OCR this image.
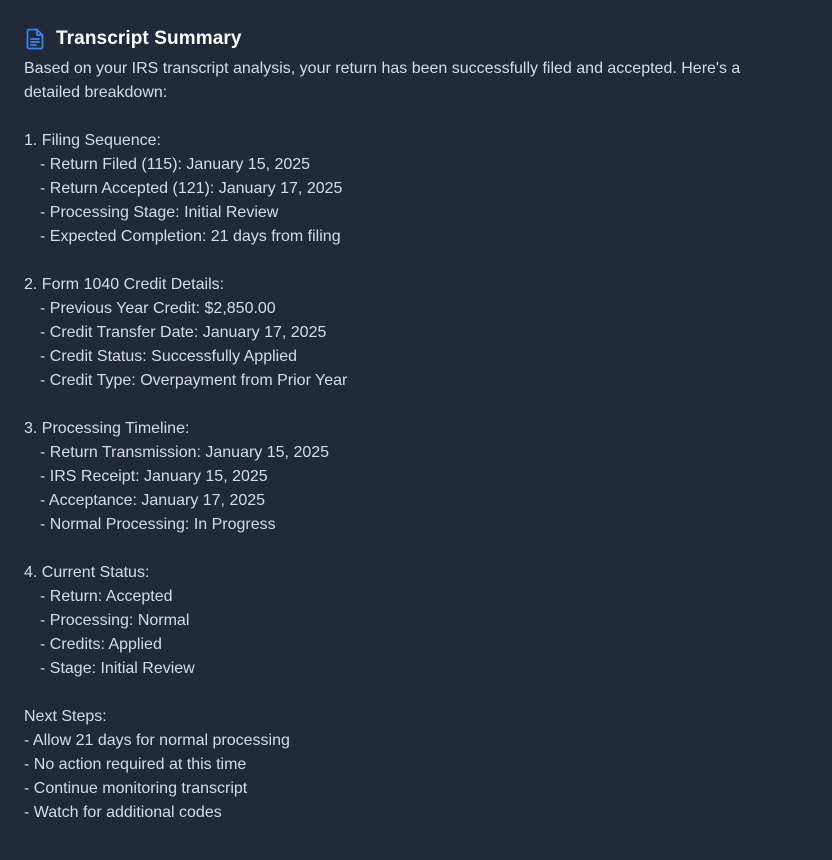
Transcript Summary

Based on your IRS transcript analysis, your return has been successfully filed and accepted. Here's a detailed breakdown:

1. Filing Sequence:
- Return Filed (115): January 15, 2025
- Return Accepted (121): January 17, 2025
- Processing Stage: Initial Review
- Expected Completion: 21 days from filing
2. Form 1040 Credit Details:
- Previous Year Credit: $2,850.00
- Credit Transfer Date: January 17, 2025
- Credit Status: Successfully Applied
- Credit Type: Overpayment from Prior Year
3. Processing Timeline:
- Return Transmission: January 15, 2025
- IRS Receipt: January 15, 2025
- Acceptance: January 17, 2025
- Normal Processing: In Progress
4. Current Status:
- Return: Accepted
- Processing: Normal
- Credits: Applied
- Stage: Initial Review
Next Steps:
- Allow 21 days for normal processing
- No action required at this time
- Continue monitoring transcript
- Watch for additional codes
